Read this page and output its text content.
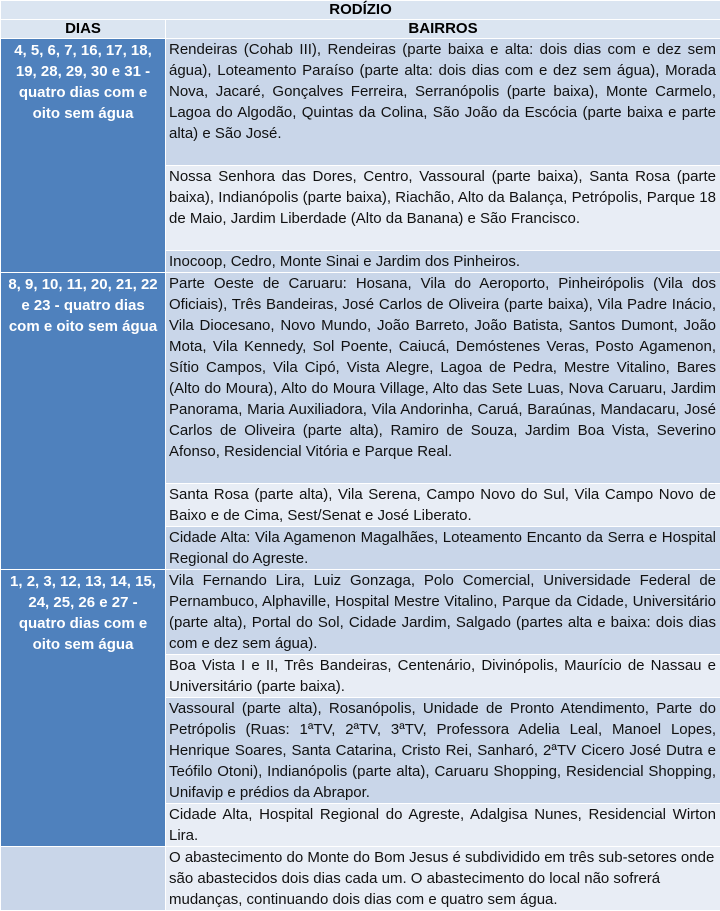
RODÍZIO	
DIAS	BAIRROS
4, 5, 6, 7, 16, 17, 18, 19, 28, 29, 30 e 31 - quatro dias com e oito sem água	Rendeiras (Cohab III), Rendeiras (parte baixa e alta: dois dias com e dez sem água), Loteamento Paraíso (parte alta: dois dias com e dez sem água), Morada Nova, Jacaré, Gonçalves Ferreira, Serranópolis (parte baixa), Monte Carmelo, Lagoa do Algodão, Quintas da Colina, São João da Escócia (parte baixa e parte alta) e São José.
	Nossa Senhora das Dores, Centro, Vassoural (parte baixa), Santa Rosa (parte baixa), Indianópolis (parte baixa), Riachão, Alto da Balança, Petrópolis, Parque 18 de Maio, Jardim Liberdade (Alto da Banana) e São Francisco.
	Inocoop, Cedro, Monte Sinai e Jardim dos Pinheiros.
8, 9, 10, 11, 20, 21, 22 e 23 - quatro dias com e oito sem água	Parte Oeste de Caruaru: Hosana, Vila do Aeroporto, Pinheirópolis (Vila dos Oficiais), Três Bandeiras, José Carlos de Oliveira (parte baixa), Vila Padre Inácio, Vila Diocesano, Novo Mundo, João Barreto, João Batista, Santos Dumont, João Mota, Vila Kennedy, Sol Poente, Caiucá, Demóstenes Veras, Posto Agamenon, Sítio Campos, Vila Cipó, Vista Alegre, Lagoa de Pedra, Mestre Vitalino, Bares (Alto do Moura), Alto do Moura Village, Alto das Sete Luas, Nova Caruaru, Jardim Panorama, Maria Auxiliadora, Vila Andorinha, Caruá, Baraúnas, Mandacaru, José Carlos de Oliveira (parte alta), Ramiro de Souza, Jardim Boa Vista, Severino Afonso, Residencial Vitória e Parque Real.
	Santa Rosa (parte alta), Vila Serena, Campo Novo do Sul, Vila Campo Novo de Baixo e de Cima, Sest/Senat e José Liberato.
	Cidade Alta: Vila Agamenon Magalhães, Loteamento Encanto da Serra e Hospital Regional do Agreste.
1, 2, 3, 12, 13, 14, 15, 24, 25, 26 e 27 - quatro dias com e oito sem água	Vila Fernando Lira, Luiz Gonzaga, Polo Comercial, Universidade Federal de Pernambuco, Alphaville, Hospital Mestre Vitalino, Parque da Cidade, Universitário (parte alta), Portal do Sol, Cidade Jardim, Salgado (partes alta e baixa: dois dias com e dez sem água).
	Boa Vista I e II, Três Bandeiras, Centenário, Divinópolis, Maurício de Nassau e Universitário (parte baixa).
	Vassoural (parte alta), Rosanópolis, Unidade de Pronto Atendimento, Parte do Petrópolis (Ruas: 1ªTV, 2ªTV, 3ªTV, Professora Adelia Leal, Manoel Lopes, Henrique Soares, Santa Catarina, Cristo Rei, Sanharó, 2ªTV Cicero José Dutra e Teófilo Otoni), Indianópolis (parte alta), Caruaru Shopping, Residencial Shopping, Unifavip e prédios da Abrapor.
	Cidade Alta, Hospital Regional do Agreste, Adalgisa Nunes, Residencial Wirton Lira.
	O abastecimento do Monte do Bom Jesus é subdividido em três sub-setores onde são abastecidos dois dias cada um. O abastecimento do local não sofrerá mudanças, continuando dois dias com e quatro sem água.
